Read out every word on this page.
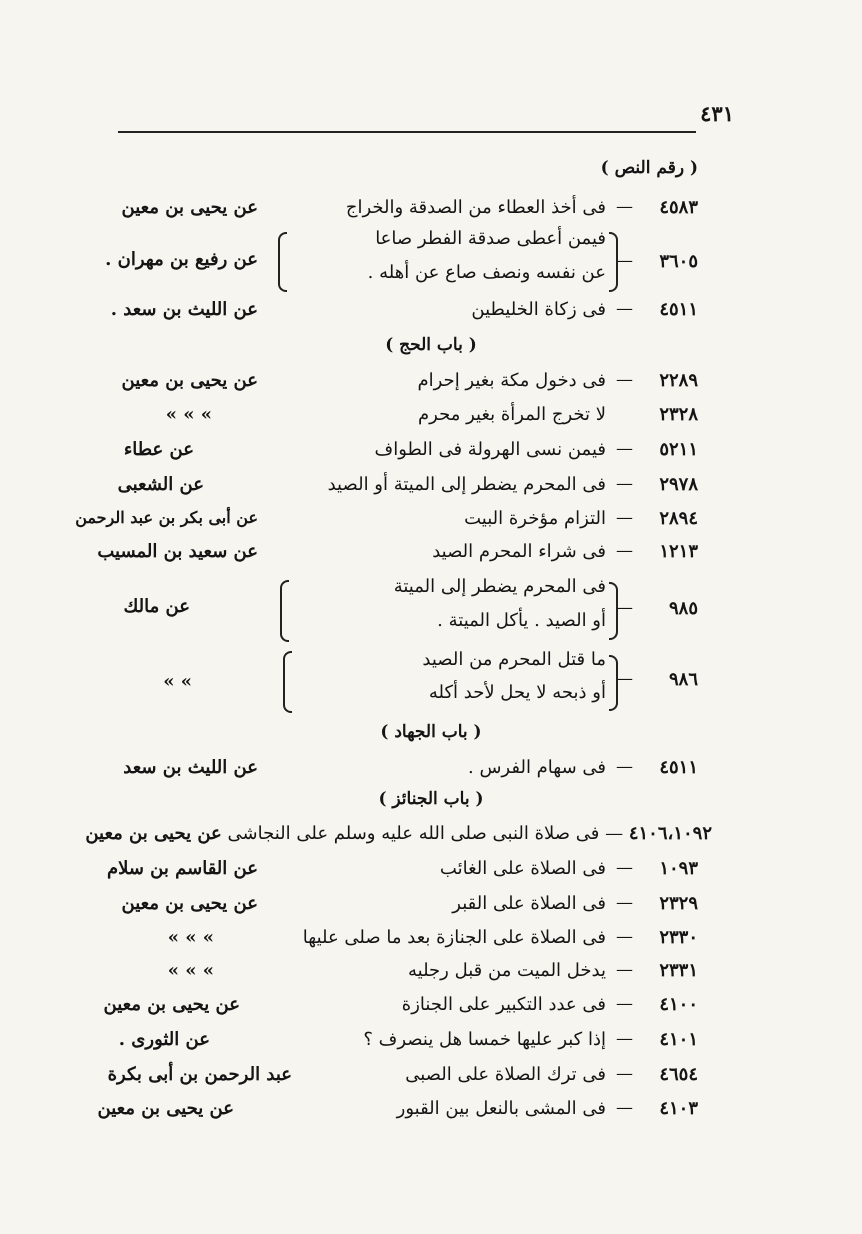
٤٣١
( رقم النص )
٤٥٨٣
—
فى أخذ العطاء من الصدقة والخراج
عن يحيى بن معين
٣٦٠٥
—
فيمن أعطى صدقة الفطر صاعا
عن نفسه ونصف صاع عن أهله .
عن رفيع بن مهران .
٤٥١١
—
فى زكاة الخليطين
عن الليث بن سعد .
( باب الحج )
٢٢٨٩
—
فى دخول مكة بغير إحرام
عن يحيى بن معين
٢٣٢٨
لا تخرج المرأة بغير محرم
» » »
٥٢١١
—
فيمن نسى الهرولة فى الطواف
عن عطاء
٢٩٧٨
—
فى المحرم يضطر إلى الميتة أو الصيد
عن الشعبى
٢٨٩٤
—
التزام مؤخرة البيت
عن أبى بكر بن عبد الرحمن
١٢١٣
—
فى شراء المحرم الصيد
عن سعيد بن المسيب
٩٨٥
—
فى المحرم يضطر إلى الميتة
أو الصيد . يأكل الميتة .
عن مالك
٩٨٦
—
ما قتل المحرم من الصيد
أو ذبحه لا يحل لأحد أكله
» »
( باب الجهاد )
٤٥١١
—
فى سهام الفرس .
عن الليث بن سعد
( باب الجنائز )
٤١٠٦،١٠٩٢ — فى صلاة النبى صلى الله عليه وسلم على النجاشى عن يحيى بن معين
١٠٩٣
—
فى الصلاة على الغائب
عن القاسم بن سلام
٢٣٢٩
—
فى الصلاة على القبر
عن يحيى بن معين
٢٣٣٠
—
فى الصلاة على الجنازة بعد ما صلى عليها
» » »
٢٣٣١
—
يدخل الميت من قبل رجليه
» » »
٤١٠٠
—
فى عدد التكبير على الجنازة
عن يحيى بن معين
٤١٠١
—
إذا كبر عليها خمسا هل ينصرف ؟
عن الثورى .
٤٦٥٤
—
فى ترك الصلاة على الصبى
عبد الرحمن بن أبى بكرة
٤١٠٣
—
فى المشى بالنعل بين القبور
عن يحيى بن معين
